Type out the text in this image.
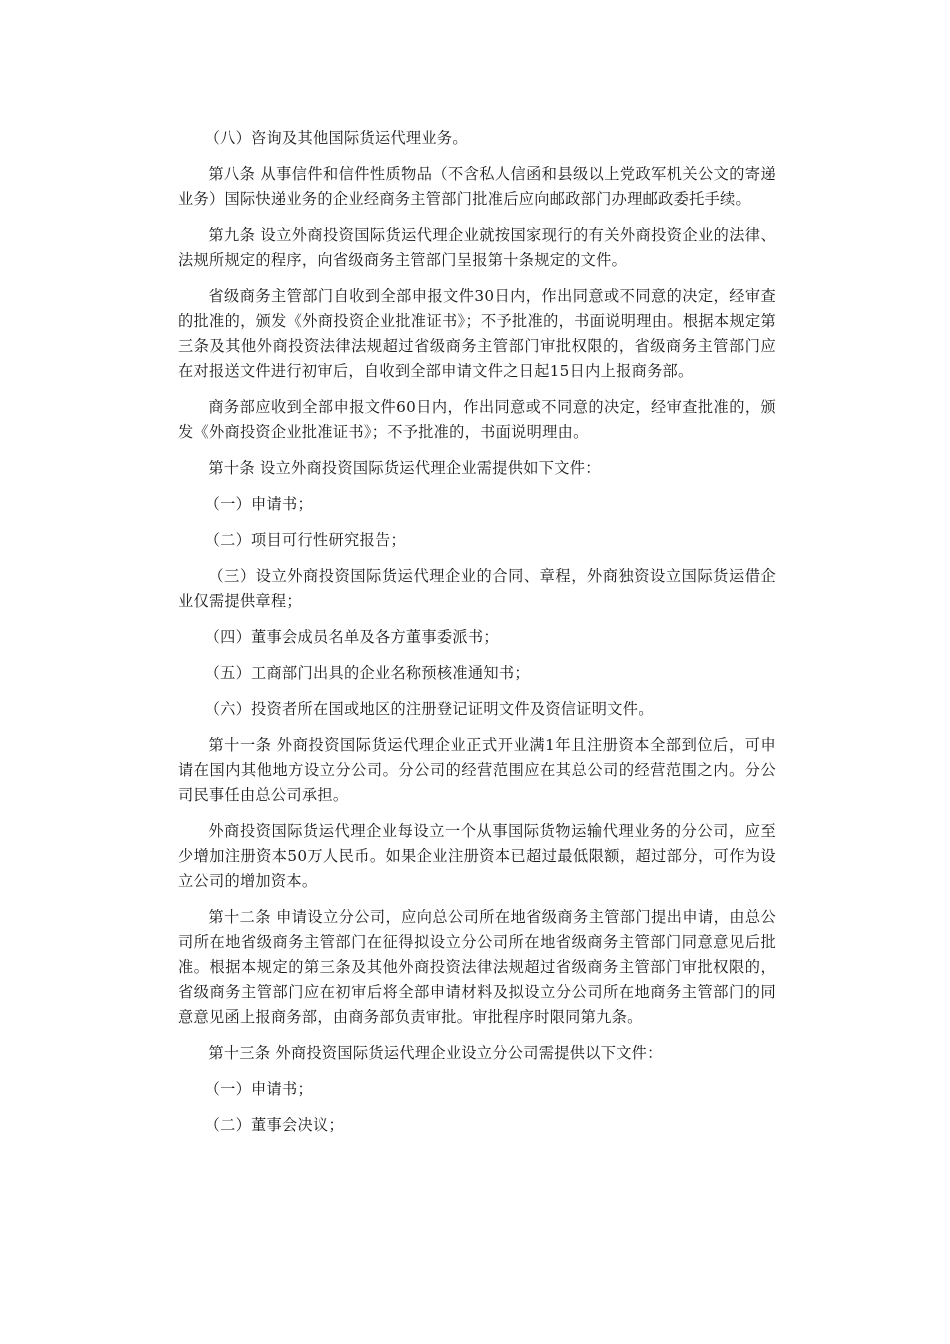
（八）咨询及其他国际货运代理业务。

第八条 从事信件和信件性质物品（不含私人信函和县级以上党政军机关公文的寄递业务）国际快递业务的企业经商务主管部门批准后应向邮政部门办理邮政委托手续。

第九条 设立外商投资国际货运代理企业就按国家现行的有关外商投资企业的法律、法规所规定的程序，向省级商务主管部门呈报第十条规定的文件。

省级商务主管部门自收到全部申报文件30日内，作出同意或不同意的决定，经审查的批准的，颁发《外商投资企业批准证书》；不予批准的，书面说明理由。根据本规定第三条及其他外商投资法律法规超过省级商务主管部门审批权限的，省级商务主管部门应在对报送文件进行初审后，自收到全部申请文件之日起15日内上报商务部。

商务部应收到全部申报文件60日内，作出同意或不同意的决定，经审查批准的，颁发《外商投资企业批准证书》；不予批准的，书面说明理由。

第十条 设立外商投资国际货运代理企业需提供如下文件：

（一）申请书；

（二）项目可行性研究报告；

（三）设立外商投资国际货运代理企业的合同、章程，外商独资设立国际货运借企业仅需提供章程；

（四）董事会成员名单及各方董事委派书；

（五）工商部门出具的企业名称预核准通知书；

（六）投资者所在国或地区的注册登记证明文件及资信证明文件。

第十一条 外商投资国际货运代理企业正式开业满1年且注册资本全部到位后，可申请在国内其他地方设立分公司。分公司的经营范围应在其总公司的经营范围之内。分公司民事任由总公司承担。

外商投资国际货运代理企业每设立一个从事国际货物运输代理业务的分公司，应至少增加注册资本50万人民币。如果企业注册资本已超过最低限额，超过部分，可作为设立公司的增加资本。

第十二条 申请设立分公司，应向总公司所在地省级商务主管部门提出申请，由总公司所在地省级商务主管部门在征得拟设立分公司所在地省级商务主管部门同意意见后批准。根据本规定的第三条及其他外商投资法律法规超过省级商务主管部门审批权限的，省级商务主管部门应在初审后将全部申请材料及拟设立分公司所在地商务主管部门的同意意见函上报商务部，由商务部负责审批。审批程序时限同第九条。

第十三条 外商投资国际货运代理企业设立分公司需提供以下文件：

（一）申请书；

（二）董事会决议；
